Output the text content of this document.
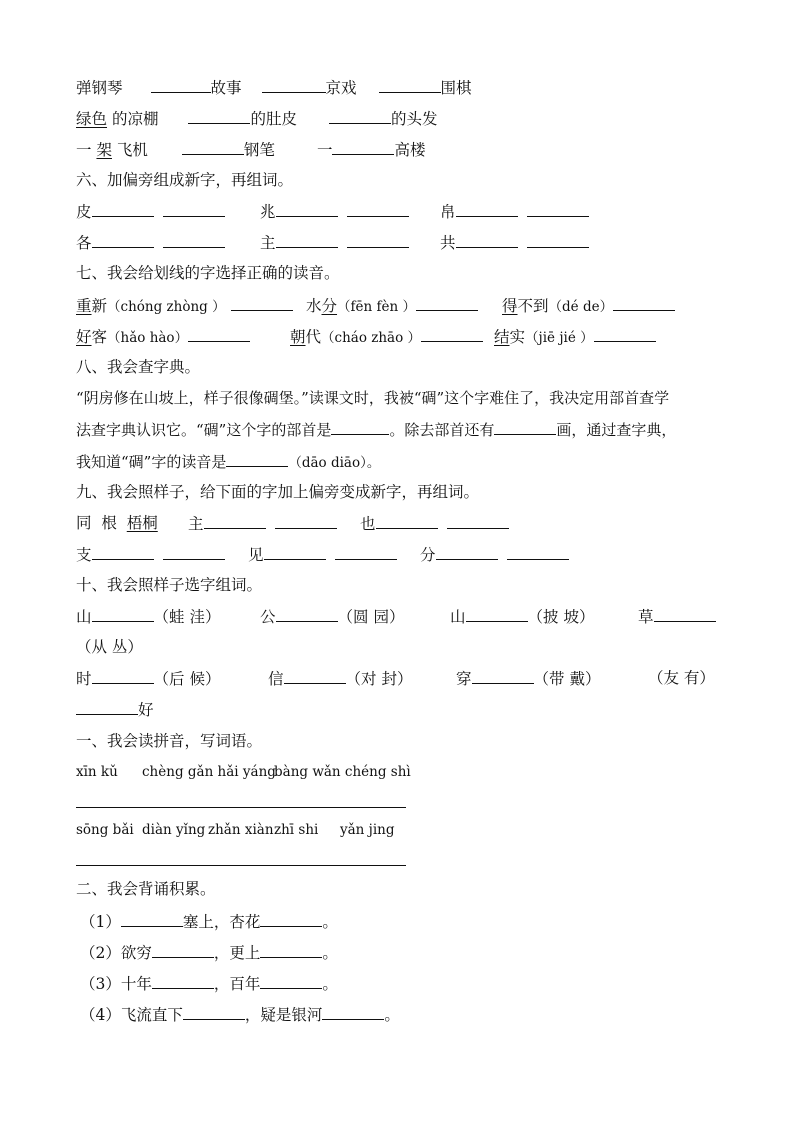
弹钢琴	故事	京戏	围棋
绿色 的凉棚	的肚皮	的头发
一 架 飞机	钢笔	一	高楼
六、加偏旁组成新字，再组词。
皮	兆	帛
各	主	共
七、我会给划线的字选择正确的读音。
重新（chóng zhòng ）	水分（fēn fèn ）	得不到（dé de）
好客（hǎo hào）	朝代（cháo zhāo ）	结实（jiē jié ）
八、我会查字典。
“阴房修在山坡上，样子很像碉堡。”读课文时，我被“碉”这个字难住了，我决定用部首查学
法查字典认识它。“碉”这个字的部首是	。除去部首还有	画，通过查字典，
我知道“碉”字的读音是	（dāo diāo）。
九、我会照样子，给下面的字加上偏旁变成新字，再组词。
同 根 梧桐 主	也
支	见	分
十、我会照样子选字组词。
山	（蛙 洼）	公	（圆 园）	山	（披 坡）	草
（从 丛）
时	（后 候）	信	（对 封）	穿	（带 戴）	（友 有）
好
一、我会读拼音，写词语。
xīn kǔ chèng gǎn hǎi yáng
bàng wǎn chéng shì
sōng bǎi diàn yǐng zhǎn xiàn zhī shi yǎn jing
二、我会背诵积累。
（1）	塞上，杏花	。
（2）欲穷	，更上	。
（3）十年	，百年	。
（4）飞流直下	，疑是银河	。
